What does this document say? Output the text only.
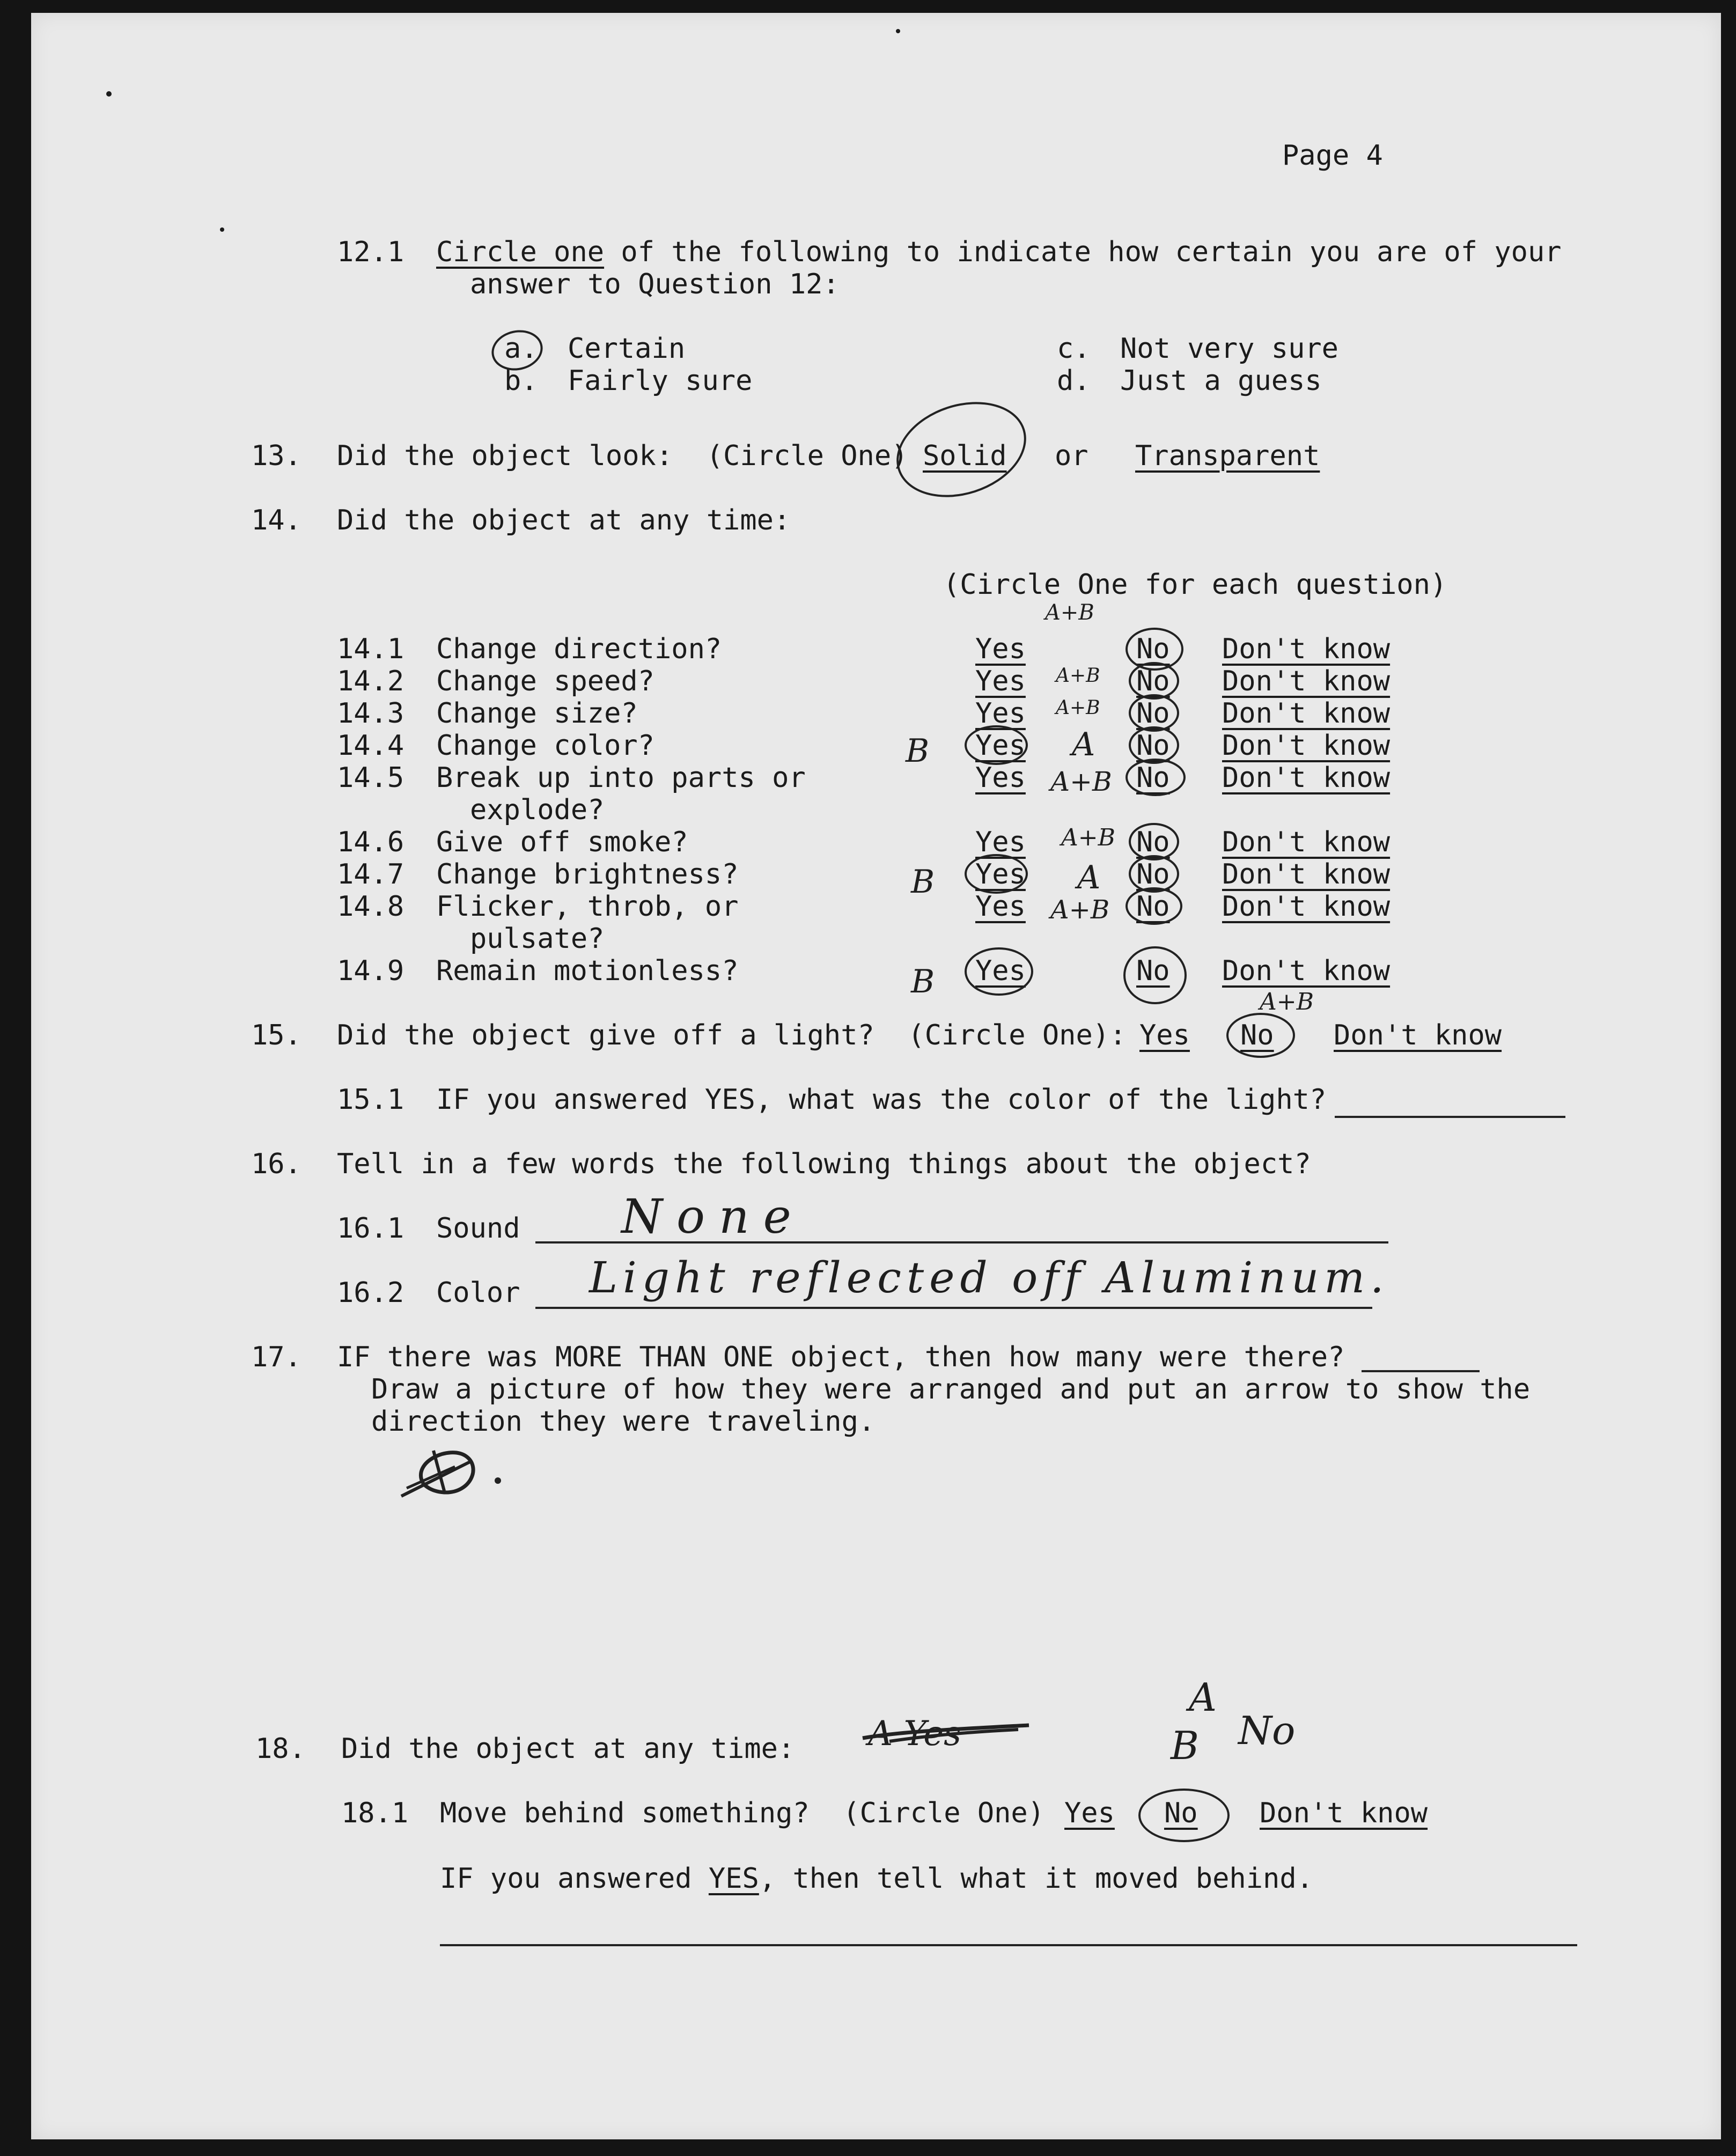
Page 4
12.1 Circle one of the following to indicate how certain you are of your
answer to Question 12:
a. Certain
b. Fairly sure
c. Not very sure
d. Just a guess
13. Did the object look:  (Circle One) Solid or Transparent
14. Did the object at any time:
(Circle One for each question)
14.1 Change direction?	Yes	No Don't know
A+B
14.2 Change speed?	Yes A+B No Don't know
14.3 Change size?	Yes A+B No Don't know
14.4 Change color?	B Yes A No Don't know
14.5 Break up into parts or
explode?
Yes A+B No Don't know
14.6 Give off smoke?	Yes A+B No Don't know
14.7 Change brightness?	B Yes A No Don't know
14.8 Flicker, throb, or
pulsate?
Yes A+B No Don't know
14.9 Remain motionless?	B Yes	No Don't know
15. Did the object give off a light?  (Circle One): Yes No
A+B
Don't know
15.1 IF you answered YES, what was the color of the light?
16. Tell in a few words the following things about the object?
16.1 Sound None
16.2 Color Light reflected off Aluminum.
17. IF there was MORE THAN ONE object, then how many were there?
Draw a picture of how they were arranged and put an arrow to show the
direction they were traveling.
18. Did the object at any time: A Yes
A
B No
18.1 Move behind something?  (Circle One) Yes No Don't know
IF you answered YES, then tell what it moved behind.
